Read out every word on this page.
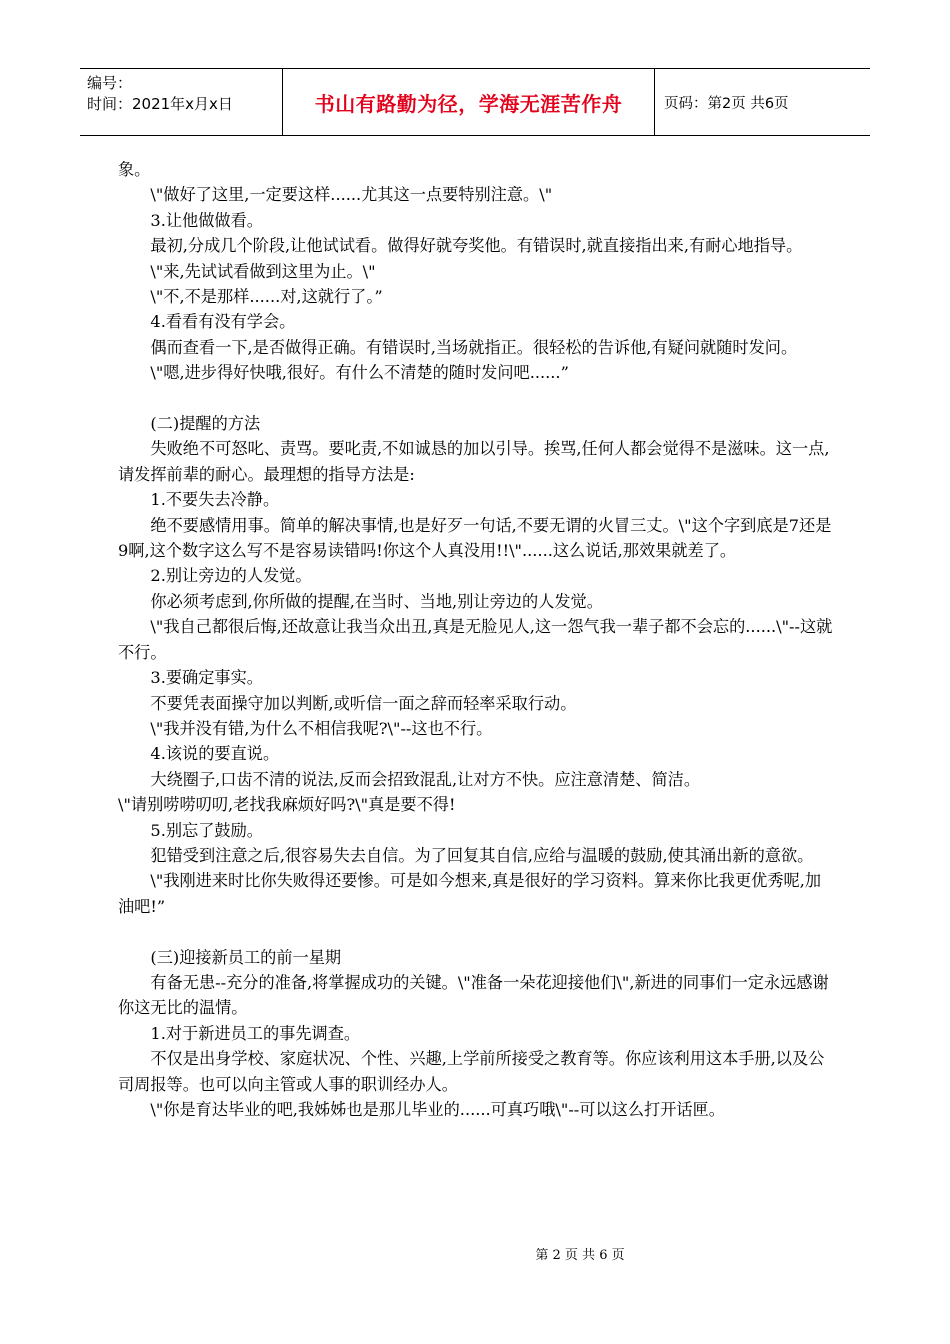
编号：
时间：2021年x月x日	书山有路勤为径，学海无涯苦作舟	页码：第2页 共6页

象。

\"做好了这里,一定要这样......尤其这一点要特别注意。\"

3.让他做做看。

最初,分成几个阶段,让他试试看。做得好就夸奖他。有错误时,就直接指出来,有耐心地指导。

\"来,先试试看做到这里为止。\"

\"不,不是那样......对,这就行了。”

4.看看有没有学会。

偶而查看一下,是否做得正确。有错误时,当场就指正。很轻松的告诉他,有疑问就随时发问。

\"嗯,进步得好快哦,很好。有什么不清楚的随时发问吧......”

(二)提醒的方法

失败绝不可怒叱、责骂。要叱责,不如诚恳的加以引导。挨骂,任何人都会觉得不是滋味。这一点,请发挥前辈的耐心。最理想的指导方法是:

1.不要失去冷静。

绝不要感情用事。简单的解决事情,也是好歹一句话,不要无谓的火冒三丈。\"这个字到底是7还是9啊,这个数字这么写不是容易读错吗!你这个人真没用!!\"......这么说话,那效果就差了。

2.别让旁边的人发觉。

你必须考虑到,你所做的提醒,在当时、当地,别让旁边的人发觉。

\"我自己都很后悔,还故意让我当众出丑,真是无脸见人,这一怨气我一辈子都不会忘的......\"--这就不行。

3.要确定事实。

不要凭表面操守加以判断,或听信一面之辞而轻率采取行动。

\"我并没有错,为什么不相信我呢?\"--这也不行。

4.该说的要直说。

大绕圈子,口齿不清的说法,反而会招致混乱,让对方不快。应注意清楚、简洁。

\"请别唠唠叨叨,老找我麻烦好吗?\"真是要不得!

5.别忘了鼓励。

犯错受到注意之后,很容易失去自信。为了回复其自信,应给与温暖的鼓励,使其涌出新的意欲。

\"我刚进来时比你失败得还要惨。可是如今想来,真是很好的学习资料。算来你比我更优秀呢,加油吧!”

(三)迎接新员工的前一星期

有备无患--充分的准备,将掌握成功的关键。\"准备一朵花迎接他们\",新进的同事们一定永远感谢你这无比的温情。

1.对于新进员工的事先调查。

不仅是出身学校、家庭状况、个性、兴趣,上学前所接受之教育等。你应该利用这本手册,以及公司周报等。也可以向主管或人事的职训经办人。

\"你是育达毕业的吧,我姊姊也是那儿毕业的......可真巧哦\"--可以这么打开话匣。

第 2 页 共 6 页
